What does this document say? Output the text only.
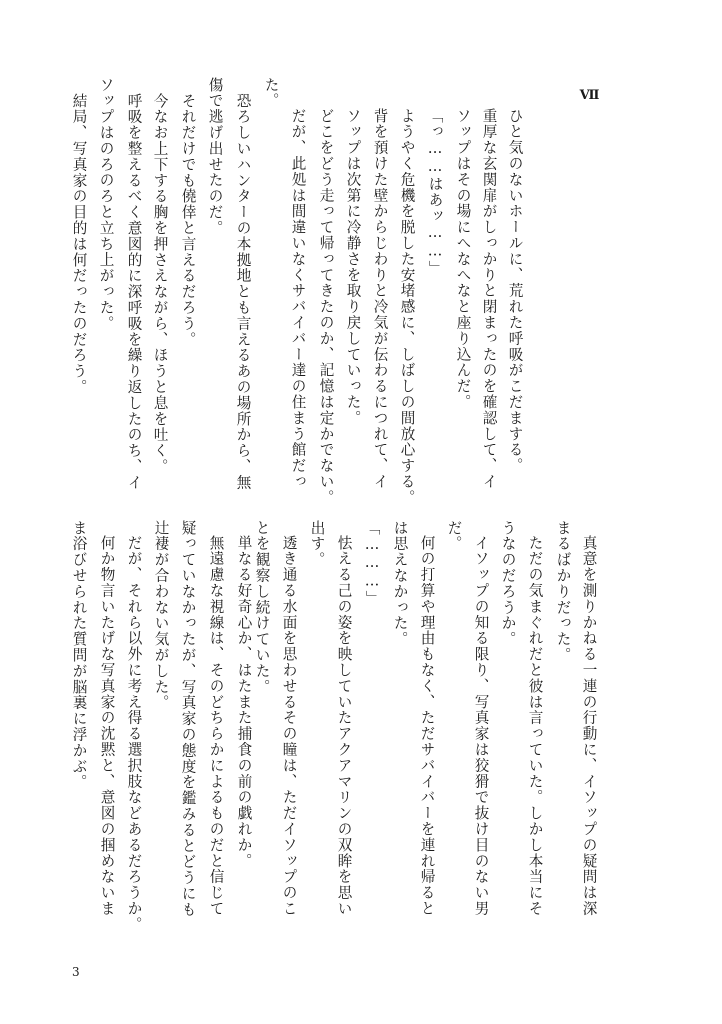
Ⅶ
ひと気のないホールに、荒れた呼吸がこだまする。
重厚な玄関扉がしっかりと閉まったのを確認して、イ
ソップはその場にへなへなと座り込んだ。
「っ……はあッ……」
ようやく危機を脱した安堵感に、しばしの間放心する。
背を預けた壁からじわりと冷気が伝わるにつれて、イ
ソップは次第に冷静さを取り戻していった。
どこをどう走って帰ってきたのか、記憶は定かでない。
だが、此処は間違いなくサバイバー達の住まう館だっ
た。
恐ろしいハンターの本拠地とも言えるあの場所から、無
傷で逃げ出せたのだ。
それだけでも僥倖と言えるだろう。
今なお上下する胸を押さえながら、ほうと息を吐く。
呼吸を整えるべく意図的に深呼吸を繰り返したのち、イ
ソップはのろのろと立ち上がった。
結局、写真家の目的は何だったのだろう。
真意を測りかねる一連の行動に、イソップの疑問は深
まるばかりだった。
ただの気まぐれだと彼は言っていた。しかし本当にそ
うなのだろうか。
イソップの知る限り、写真家は狡猾で抜け目のない男
だ。
何の打算や理由もなく、ただサバイバーを連れ帰ると
は思えなかった。
「………」
怯える己の姿を映していたアクアマリンの双眸を思い
出す。
透き通る水面を思わせるその瞳は、ただイソップのこ
とを観察し続けていた。
単なる好奇心か、はたまた捕食の前の戯れか。
無遠慮な視線は、そのどちらかによるものだと信じて
疑っていなかったが、写真家の態度を鑑みるとどうにも
辻褄が合わない気がした。
だが、それら以外に考え得る選択肢などあるだろうか。
何か物言いたげな写真家の沈黙と、意図の掴めないま
ま浴びせられた質問が脳裏に浮かぶ。
3
